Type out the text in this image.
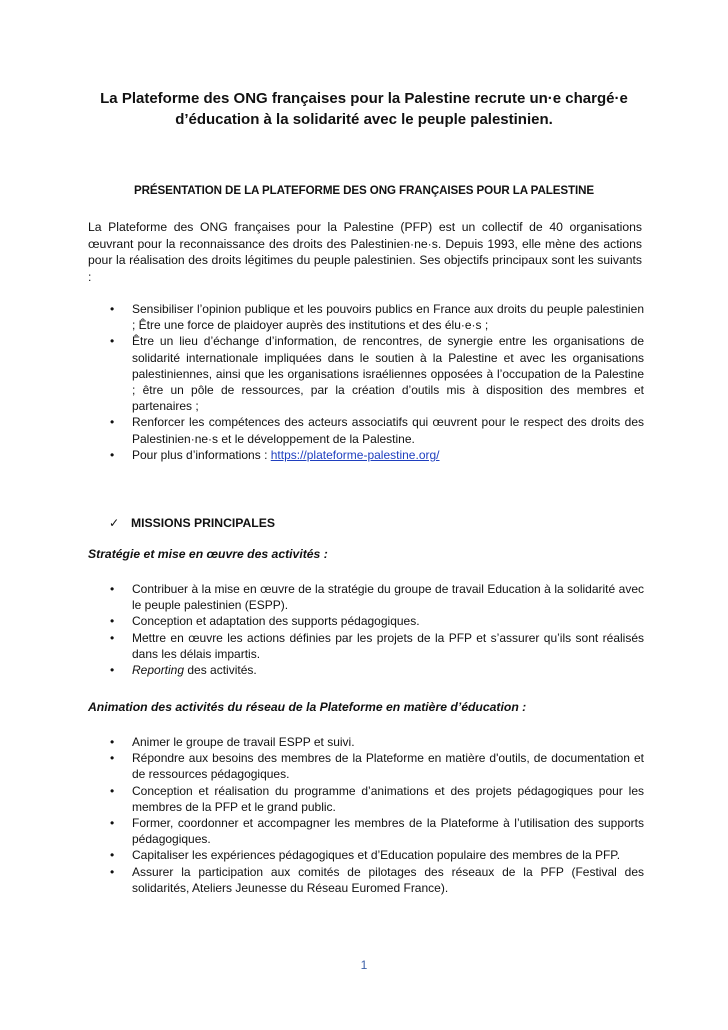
La Plateforme des ONG françaises pour la Palestine recrute un·e chargé·e
d’éducation à la solidarité avec le peuple palestinien.
PRÉSENTATION DE LA PLATEFORME DES ONG FRANÇAISES POUR LA PALESTINE

La Plateforme des ONG françaises pour la Palestine (PFP) est un collectif de 40 organisations œuvrant pour la reconnaissance des droits des Palestinien·ne·s. Depuis 1993, elle mène des actions pour la réalisation des droits légitimes du peuple palestinien. Ses objectifs principaux sont les suivants :

• Sensibiliser l’opinion publique et les pouvoirs publics en France aux droits du peuple palestinien ; Être une force de plaidoyer auprès des institutions et des élu·e·s ;
• Être un lieu d’échange d’information, de rencontres, de synergie entre les organisations de solidarité internationale impliquées dans le soutien à la Palestine et avec les organisations palestiniennes, ainsi que les organisations israéliennes opposées à l’occupation de la Palestine ; être un pôle de ressources, par la création d’outils mis à disposition des membres et partenaires ;
• Renforcer les compétences des acteurs associatifs qui œuvrent pour le respect des droits des Palestinien·ne·s et le développement de la Palestine.
• Pour plus d’informations : https://plateforme-palestine.org/
✓ MISSIONS PRINCIPALES
Stratégie et mise en œuvre des activités :
• Contribuer à la mise en œuvre de la stratégie du groupe de travail Education à la solidarité avec le peuple palestinien (ESPP).
• Conception et adaptation des supports pédagogiques.
• Mettre en œuvre les actions définies par les projets de la PFP et s’assurer qu’ils sont réalisés dans les délais impartis.
• Reporting des activités.
Animation des activités du réseau de la Plateforme en matière d’éducation :
• Animer le groupe de travail ESPP et suivi.
• Répondre aux besoins des membres de la Plateforme en matière d'outils, de documentation et de ressources pédagogiques.
• Conception et réalisation du programme d’animations et des projets pédagogiques pour les membres de la PFP et le grand public.
• Former, coordonner et accompagner les membres de la Plateforme à l’utilisation des supports pédagogiques.
• Capitaliser les expériences pédagogiques et d’Education populaire des membres de la PFP.
• Assurer la participation aux comités de pilotages des réseaux de la PFP (Festival des solidarités, Ateliers Jeunesse du Réseau Euromed France).
1
